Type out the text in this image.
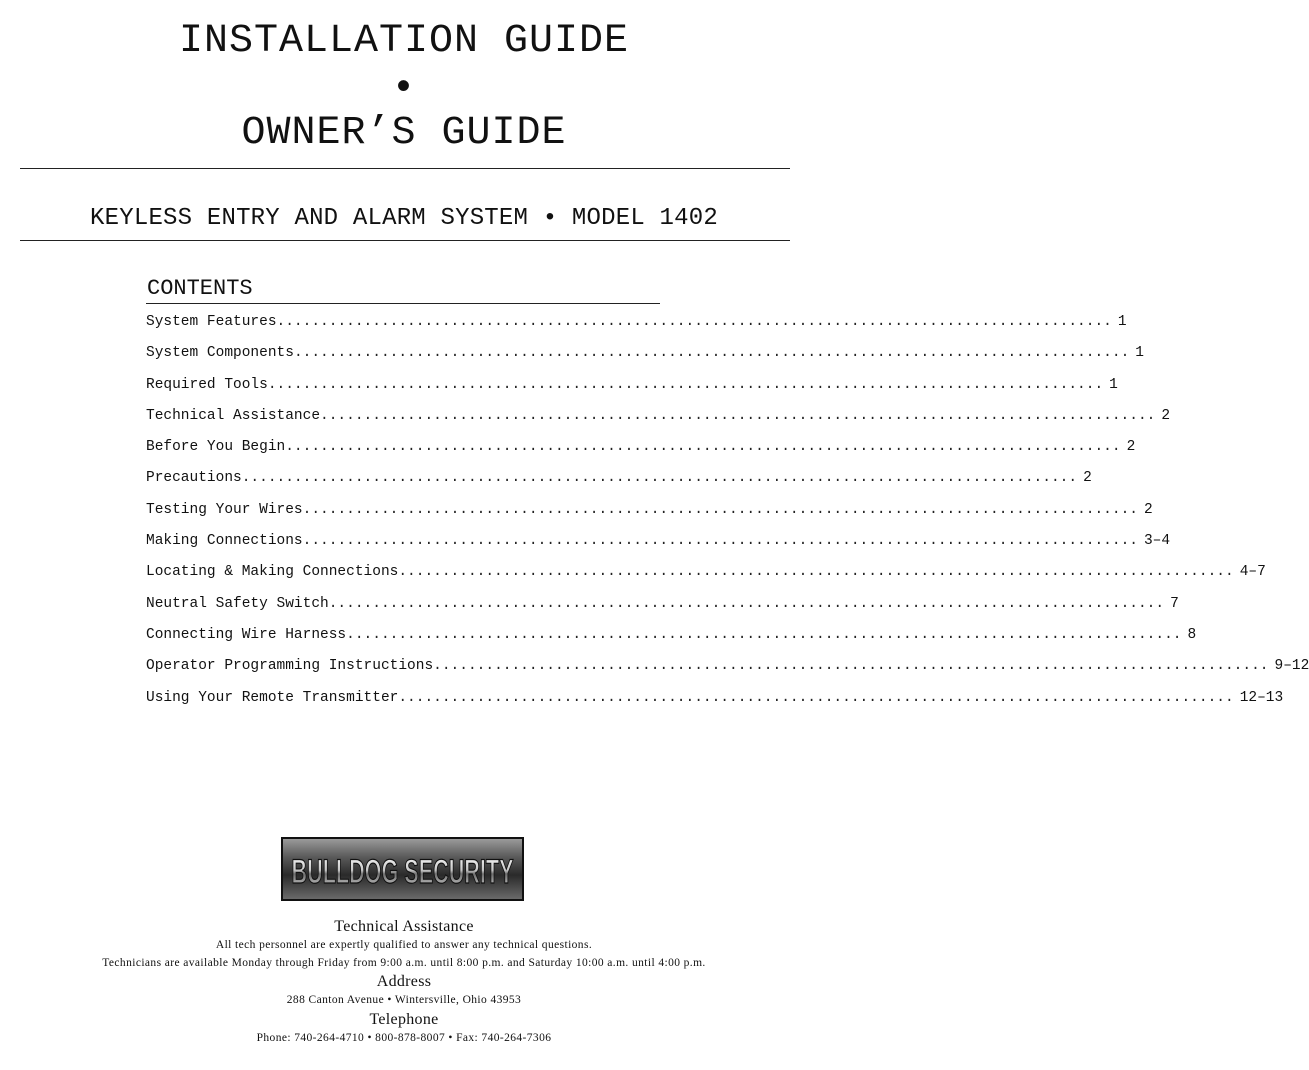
INSTALLATION GUIDE
•
OWNER’S GUIDE
KEYLESS ENTRY AND ALARM SYSTEM • MODEL 1402
CONTENTS
System Features .....	1
System Components .....	1
Required Tools .....	1
Technical Assistance .....	2
Before You Begin .....	2
Precautions .....	2
Testing Your Wires .....	2
Making Connections .....	3–4
Locating & Making Connections .....	4–7
Neutral Safety Switch .....	7
Connecting Wire Harness .....	8
Operator Programming Instructions .....	9–12
Using Your Remote Transmitter .....	12–13
BULLDOG SECURITY
Technical Assistance
All tech personnel are expertly qualified to answer any technical questions.
Technicians are available Monday through Friday from 9:00 a.m. until 8:00 p.m. and Saturday 10:00 a.m. until 4:00 p.m.
Address
288 Canton Avenue • Wintersville, Ohio 43953
Telephone
Phone: 740-264-4710 • 800-878-8007 • Fax: 740-264-7306
